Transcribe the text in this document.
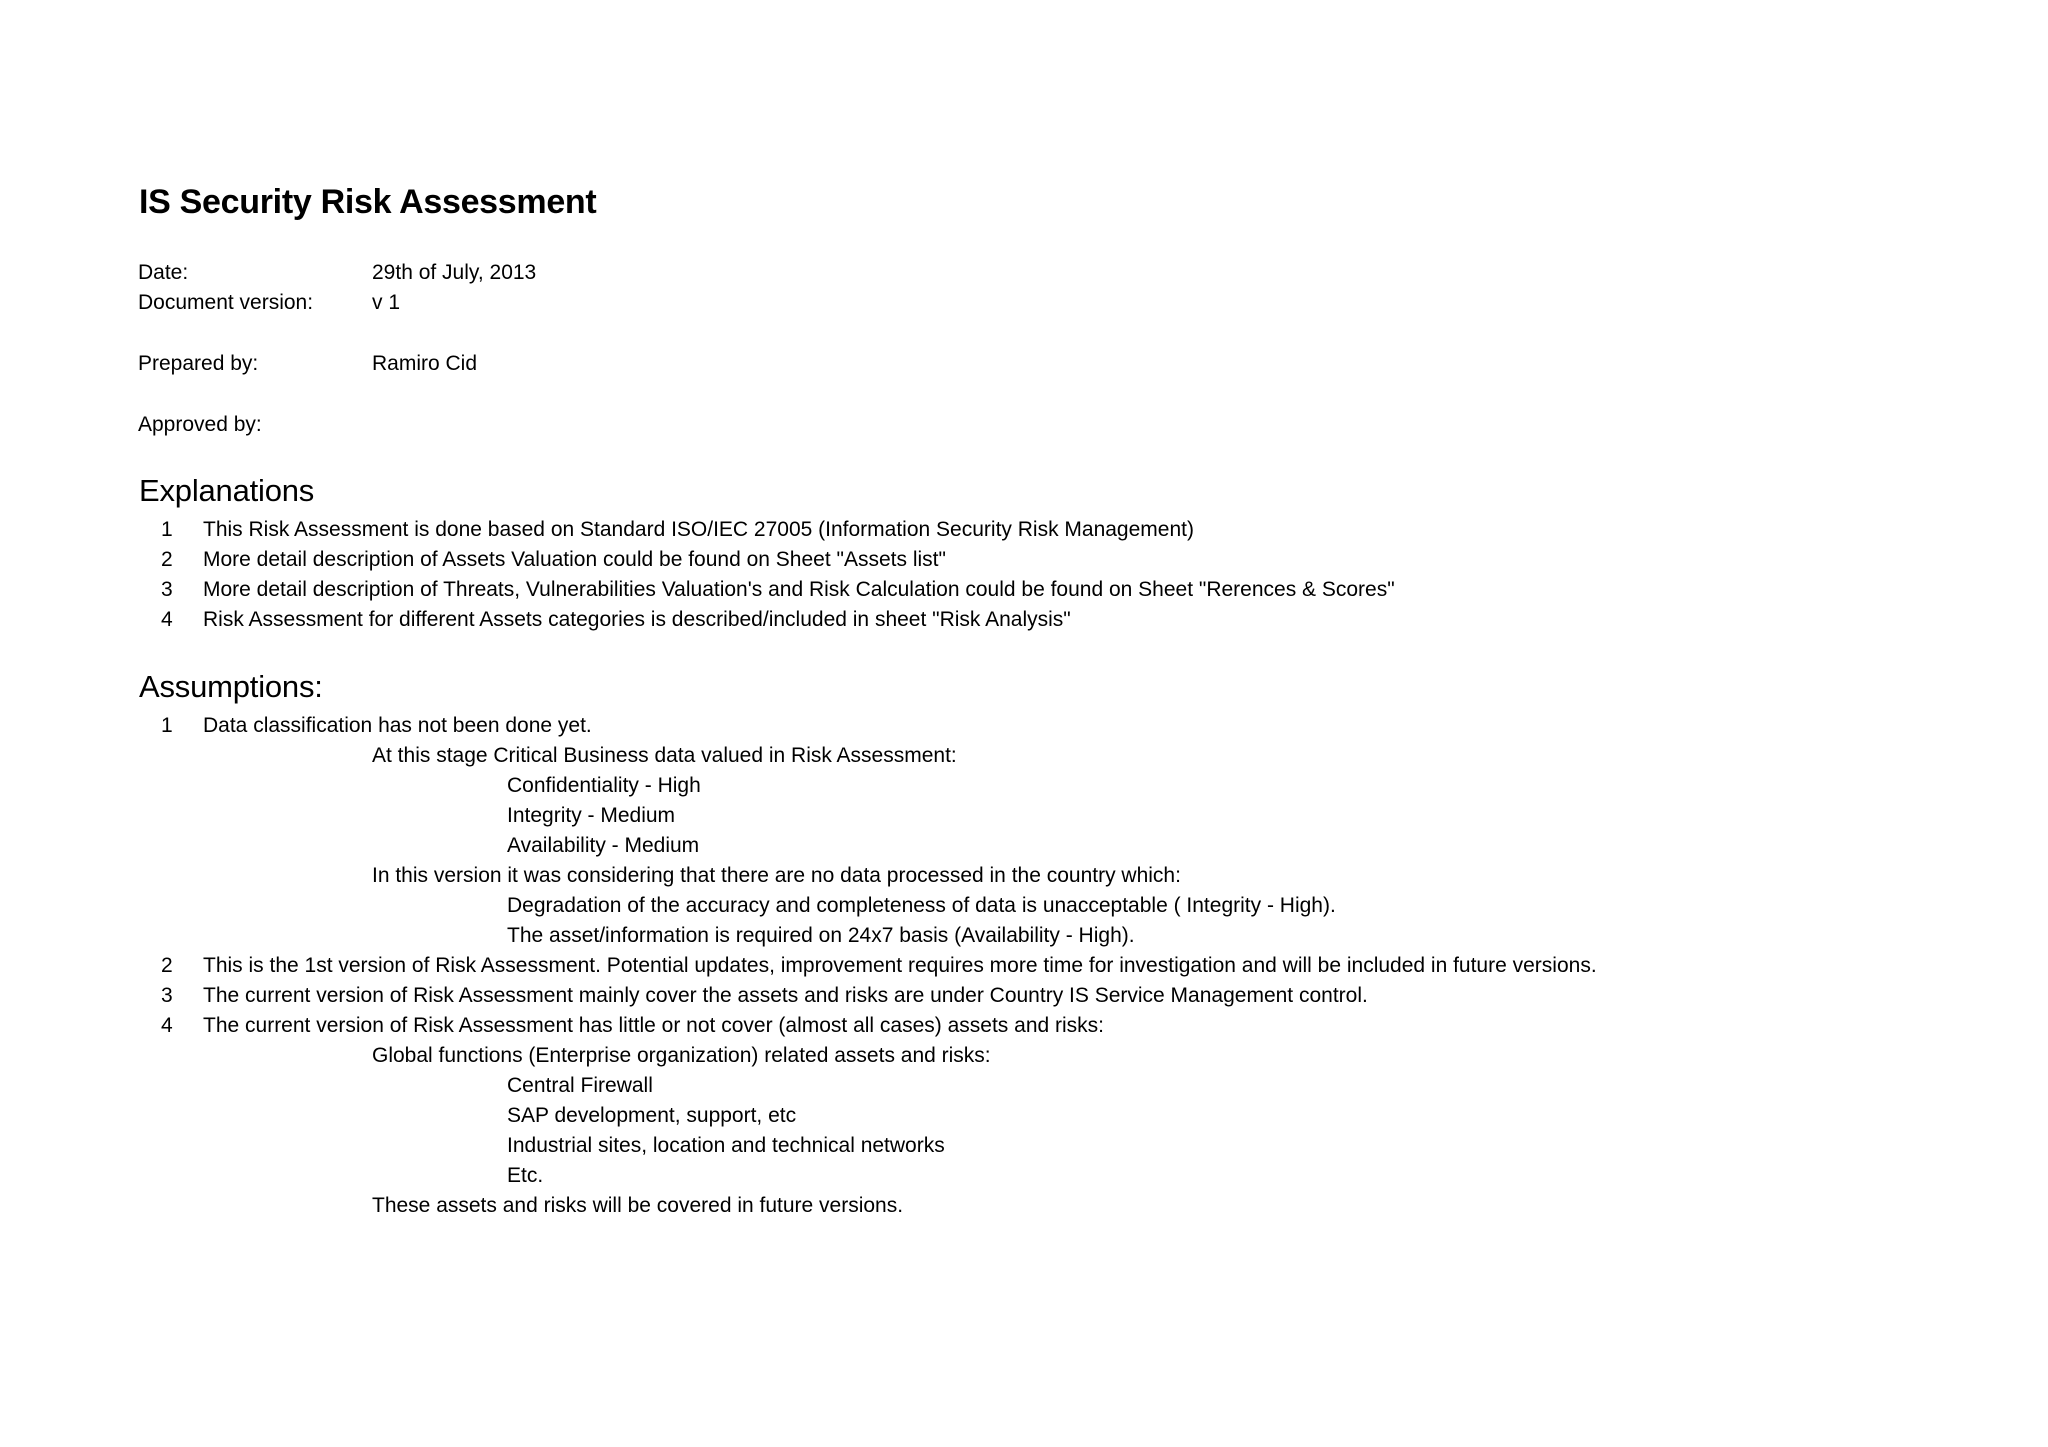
IS Security Risk Assessment
Date:	29th of July, 2013
Document version:	v 1
Prepared by:	Ramiro Cid
Approved by:
Explanations
1 This Risk Assessment is done based on Standard ISO/IEC 27005 (Information Security Risk Management)
2 More detail description of Assets Valuation could be found on Sheet "Assets list"
3 More detail description of Threats, Vulnerabilities Valuation's and Risk Calculation could be found on Sheet "Rerences & Scores"
4 Risk Assessment for different Assets categories is described/included in sheet "Risk Analysis"
Assumptions:
1 Data classification has not been done yet.
At this stage Critical Business data valued in Risk Assessment:
Confidentiality - High
Integrity - Medium
Availability - Medium
In this version it was considering that there are no data processed in the country which:
Degradation of the accuracy and completeness of data is unacceptable ( Integrity - High).
The asset/information is required on 24x7 basis (Availability - High).
2 This is the 1st version of Risk Assessment. Potential updates, improvement requires more time for investigation and will be included in future versions.
3 The current version of Risk Assessment mainly cover the assets and risks are under Country IS Service Management control.
4 The current version of Risk Assessment has little or not cover (almost all cases) assets and risks:
Global functions (Enterprise organization) related assets and risks:
Central Firewall
SAP development, support, etc
Industrial sites, location and technical networks
Etc.
These assets and risks will be covered in future versions.
